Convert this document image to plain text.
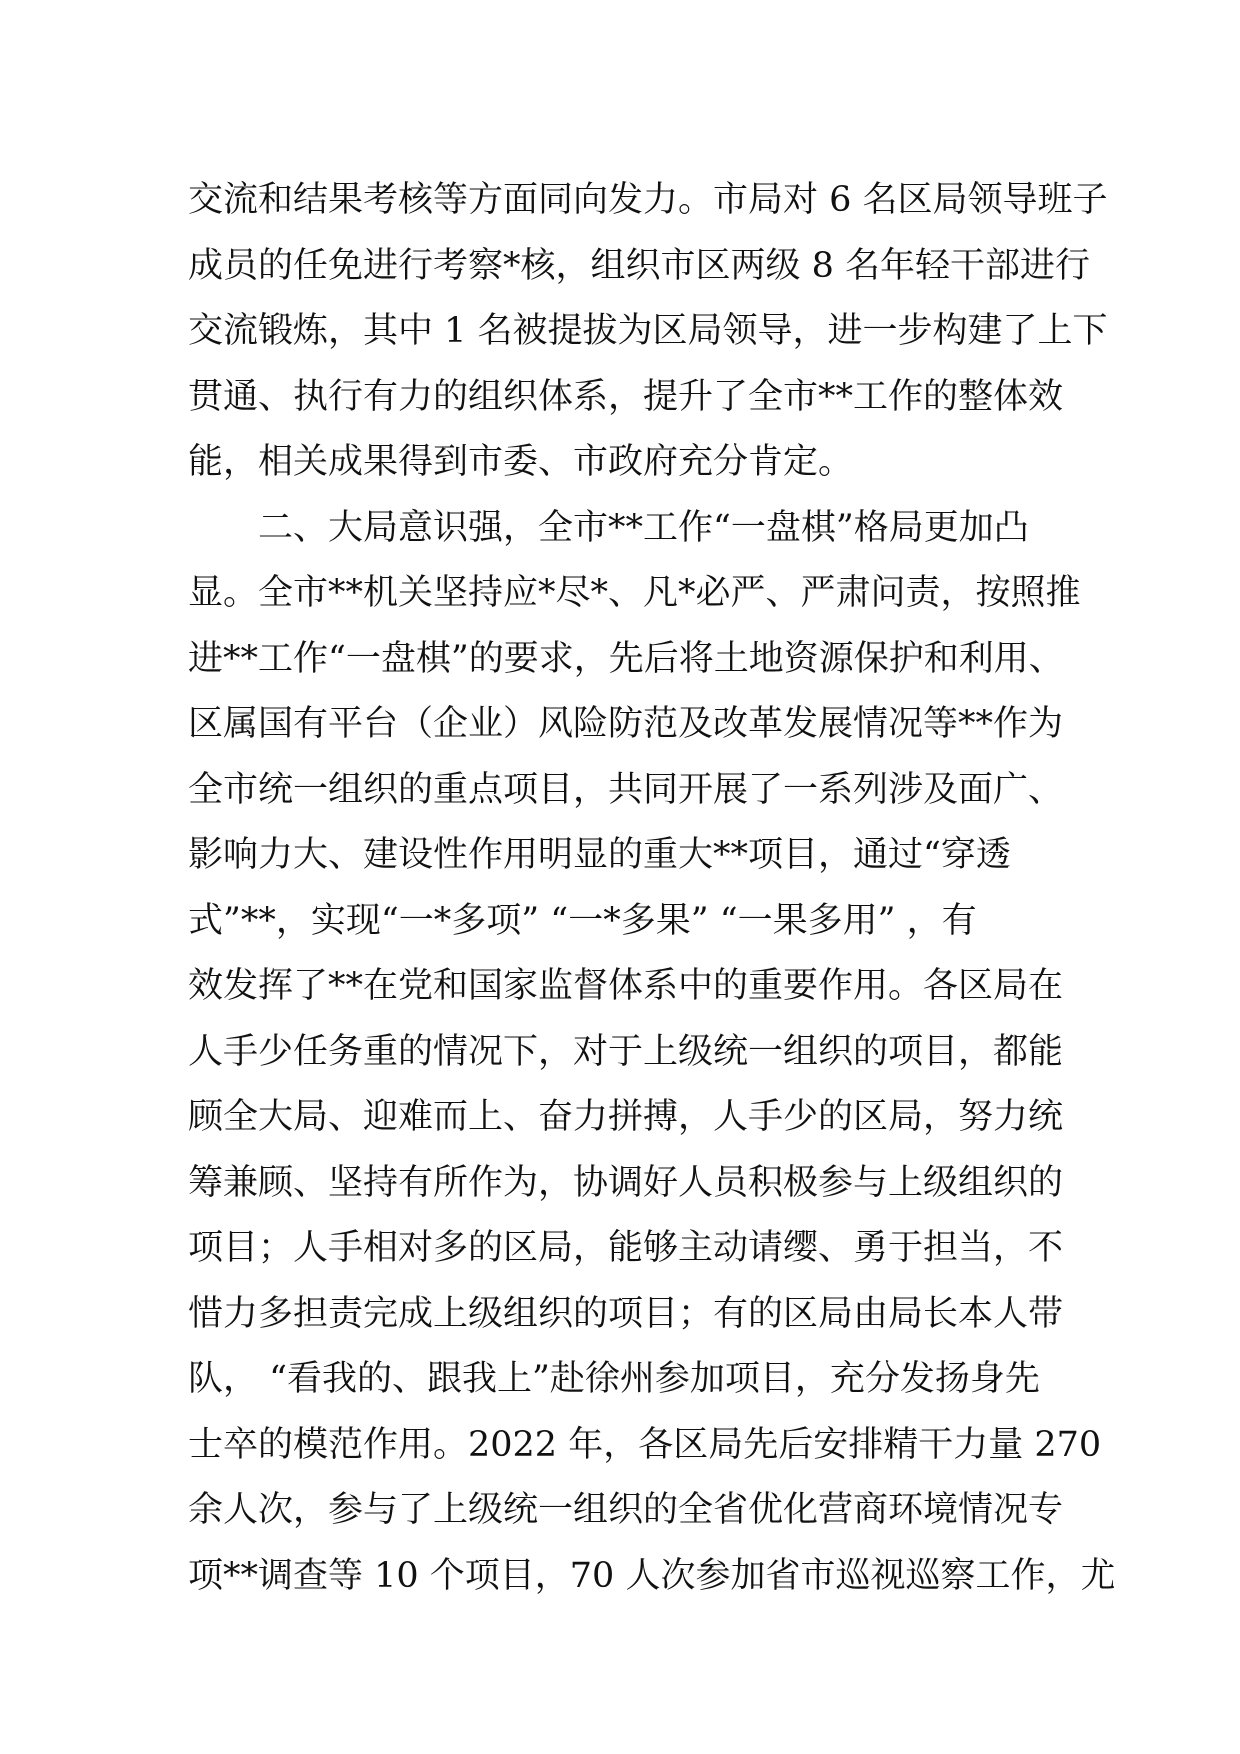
交流和结果考核等方面同向发力。市局对 6 名区局领导班子
成员的任免进行考察*核，组织市区两级 8 名年轻干部进行
交流锻炼，其中 1 名被提拔为区局领导，进一步构建了上下
贯通、执行有力的组织体系，提升了全市**工作的整体效
能，相关成果得到市委、市政府充分肯定。
　　二、大局意识强，全市**工作“一盘棋”格局更加凸
显。全市**机关坚持应*尽*、凡*必严、严肃问责，按照推
进**工作“一盘棋”的要求，先后将土地资源保护和利用、
区属国有平台（企业）风险防范及改革发展情况等**作为
全市统一组织的重点项目，共同开展了一系列涉及面广、
影响力大、建设性作用明显的重大**项目，通过“穿透
式”**，实现“一*多项” “一*多果” “一果多用” ，有
效发挥了**在党和国家监督体系中的重要作用。各区局在
人手少任务重的情况下，对于上级统一组织的项目，都能
顾全大局、迎难而上、奋力拼搏，人手少的区局，努力统
筹兼顾、坚持有所作为，协调好人员积极参与上级组织的
项目；人手相对多的区局，能够主动请缨、勇于担当，不
惜力多担责完成上级组织的项目；有的区局由局长本人带
队， “看我的、跟我上”赴徐州参加项目，充分发扬身先
士卒的模范作用。2022 年，各区局先后安排精干力量 270
余人次，参与了上级统一组织的全省优化营商环境情况专
项**调查等 10 个项目，70 人次参加省市巡视巡察工作，尤
